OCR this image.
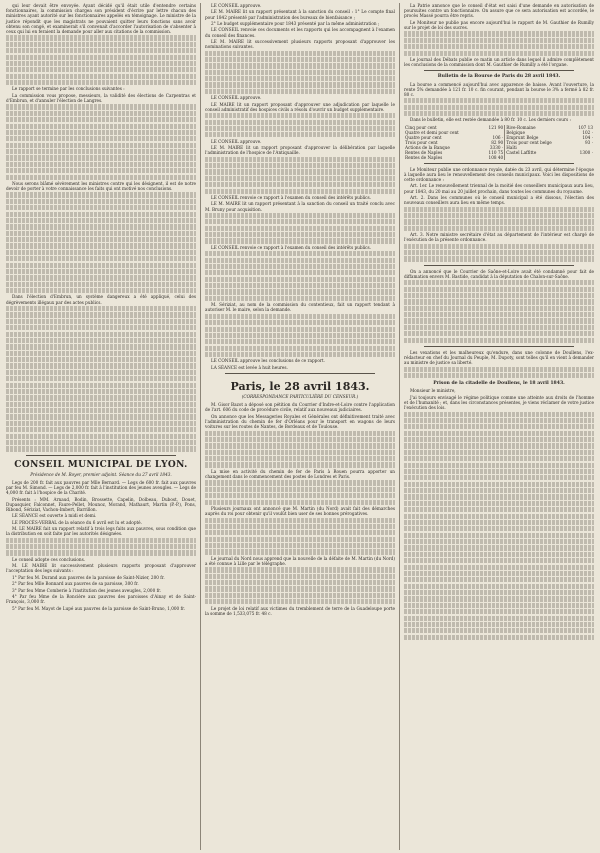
qui leur devait être envoyée. Ayant décidé qu'il était utile d'entendre certains fonctionnaires, la commission chargea son président d'écrire par lettre chacun des ministres ayant autorité sur les fonctionnaires appelés en témoignage. Le ministre de la justice répondit que les magistrats ne pouvaient quitter leurs fonctions sans avoir obtenu son congé, et examinerait s'il convenait d'accorder l'autorisation de s'absenter à ceux qui lui en feraient la demande pour aller aux citations de la commission.

Le rapport se termine par les conclusions suivantes :

La commission vous propose, messieurs, la validité des élections de Carpentras et d'Embrun, et d'annuler l'élection de Langres.

Nous serons blâmé sévèrement les ministres contre qui les désignent, il est de notre devoir de porter à votre connaissance les faits qui ont motivé nos conclusions.

Dans l'élection d'Embrun, un système dangereux a été appliqué, celui des dégrèvements illégaux par des actes publics.

CONSEIL MUNICIPAL DE LYON.
Présidence de M. Royer, premier adjoint. Séance du 27 avril 1843.

Legs de 200 fr. fait aux pauvres par Mlle Bernard. — Legs de 600 fr. fait aux pauvres par feu M. Simond. — Legs de 2,000 fr. fait à l'institution des jeunes aveugles. — Legs de 4,000 fr. fait à l'hospice de la Charité.

Présents : MM. Arnaud, Bodin, Brossette, Capelin, Dolbeau, Dubost, Douet, Dupasquier, Falconnet, Faure-Pellet, Mounoz, Morand, Mathaurt, Martin (P.-P.), Pons, Ribond, Sériziat, Vachon-Imbert, Barrillon.

LE SÉANCE est ouverte à midi et demi.

LE PROCÈS-VERBAL de la séance du 6 avril est lu et adopté.

M. LE MAIRE fait un rapport relatif à trois legs faits aux pauvres, sous condition que la distribution en soit faite par les autorités désignées.

Le conseil adopte ces conclusions.

M. LE MAIRE lit successivement plusieurs rapports proposant d'approuver l'acceptation des legs suivants :

1° Par feu M. Durand aux pauvres de la paroisse de Saint-Nizier, 200 fr.

2° Par feu Mlle Bonnard aux pauvres de sa paroisse, 300 fr.

3° Par feu Mme Comberie à l'institution des jeunes aveugles, 2,000 fr.

4° Par feu Mme de la Roncière aux pauvres des paroisses d'Ainay et de Saint-François, 3,000 fr.

5° Par feu M. Mayot de Lupé aux pauvres de la paroisse de Saint-Bruno, 1,000 fr.

LE CONSEIL approuve.

LE M. MAIRE lit un rapport présentant à la sanction du conseil : 1° Le compte final pour 1842 présenté par l'administration des bureaux de bienfaisance ;

2° Le budget supplémentaire pour 1843 présenté par la même administration ;

LE CONSEIL renvoie ces documents et les rapports qui les accompagnent à l'examen du conseil des finances.

LE M. MAIRE lit successivement plusieurs rapports proposant d'approuver les nominations suivantes.

LE CONSEIL approuve.

LE MAIRE lit un rapport proposant d'approuver une adjudication par laquelle le conseil administratif des hospices civils a résolu d'ouvrir un budget supplémentaire.

LE CONSEIL approuve.

LE M. MAIRE lit un rapport proposant d'approuver la délibération par laquelle l'administration de l'hospice de l'Antiquaille.

LE CONSEIL renvoie ce rapport à l'examen du conseil des intérêts publics.

LE M. MAIRE lit un rapport présentant à la sanction du conseil un traité conclu avec M. Bruny pour acquisition.

LE CONSEIL renvoie ce rapport à l'examen du conseil des intérêts publics.

M. Sériziat, au nom de la commission du contentieux, fait un rapport tendant à autoriser M. le maire, selon la demande.

LE CONSEIL approuve les conclusions de ce rapport.

LA SÉANCE est levée à huit heures.

Paris, le 28 avril 1843.
(CORRESPONDANCE PARTICULIÈRE DU CENSEUR.)

M. Gisor Bazot a déposé son pétition du Courrier d'Indre-et-Loire contre l'application de l'art. 606 du code de procédure civile, relatif aux nouveaux judiciaires.

On annonce que les Messageries Royales et Générales ont définitivement traité avec l'administration du chemin de fer d'Orléans pour le transport en wagons de leurs voitures sur les routes de Nantes, de Bordeaux et de Toulouse.

La mise en activité du chemin de fer de Paris à Rouen pourra apporter un changement dans le commencement des postes de Londres et Paris.

Plusieurs journaux ont annoncé que M. Martin (du Nord) avait fait des démarches auprès du roi pour obtenir qu'il voulût bien user de ses bonnes prérogatives.

Le journal du Nord nous apprend que la nouvelle de la défaite de M. Martin (du Nord) a été connue à Lille par le télégraphe.

Le projet de loi relatif aux victimes du tremblement de terre de la Guadeloupe porte la somme de 1,533,075 fr. 48 c.

La Patrie annonce que le conseil d'état est saisi d'une demande en autorisation de poursuites contre un fonctionnaire. On assure que ce sera autorisation est accordée, le procès Massé pourra être repris.

Le Moniteur ne publie pas encore aujourd'hui le rapport de M. Gauthier de Rumilly sur le projet de loi des sucres.

Le journal des Débats publie ce matin un article dans lequel il admire complètement les conclusions de la commission dont M. Gauthier de Rumilly a été l'organe.

Bulletin de la Bourse de Paris du 28 avril 1843.

La bourse a commencé aujourd'hui avec apparence de baisse. Avant l'ouverture, la rente 5% demandée à 121 fr. 10 c. fin courant, pendant la bourse le 3% a fermé à 82 fr. 80 c.

Dans le bulletin, elle est restée demandée à 80 fr. 10 c. Les derniers cours :

Cinq pour cent	121 90	Rive-Romaine	107 13
Quatre et demi pour cent		Belgique	102 ·
Quatre pour cent	106 ·	Emprunt Belge	104 ·
Trois pour cent	82 90	Trois pour cent belge	93 ·
Actions de la Banque	3330 ·	Haïti	
Rentes de Naples	110 75	Castel Laffitte	1300 ·
Rentes de Naples	108 40		

Le Moniteur publie une ordonnance royale, datée du 23 avril, qui détermine l'époque à laquelle aura lieu le renouvellement des conseils municipaux. Voici les dispositions de cette ordonnance :

Art. 1er. Le renouvellement triennal de la moitié des conseillers municipaux aura lieu, pour 1843, du 20 mai au 20 juillet prochain, dans toutes les communes du royaume.

Art. 2. Dans les communes où le conseil municipal a été dissous, l'élection des nouveaux conseillers aura lieu en même temps.

Art. 3. Notre ministre secrétaire d'état au département de l'intérieur est chargé de l'exécution de la présente ordonnance.

On a annoncé que le Courrier de Saône-et-Loire avait été condamné pour fait de diffamation envers M. Bastide, candidat à la députation de Chalon-sur-Saône.

Les vexations et les malheureux qu'endure, dans une colonne de Doullens, l'ex-rédacteur en chef du Journal du Peuple, M. Dupoty, sont telles qu'il en vient à demander au ministre de justice sa liberté.

Prison de la citadelle de Doullens, le 18 avril 1843.

Monsieur le ministre,

J'ai toujours envisagé le régime politique comme une atteinte aux droits de l'homme et de l'humanité ; et, dans les circonstances présentes, je viens réclamer de votre justice l'exécution des lois.
